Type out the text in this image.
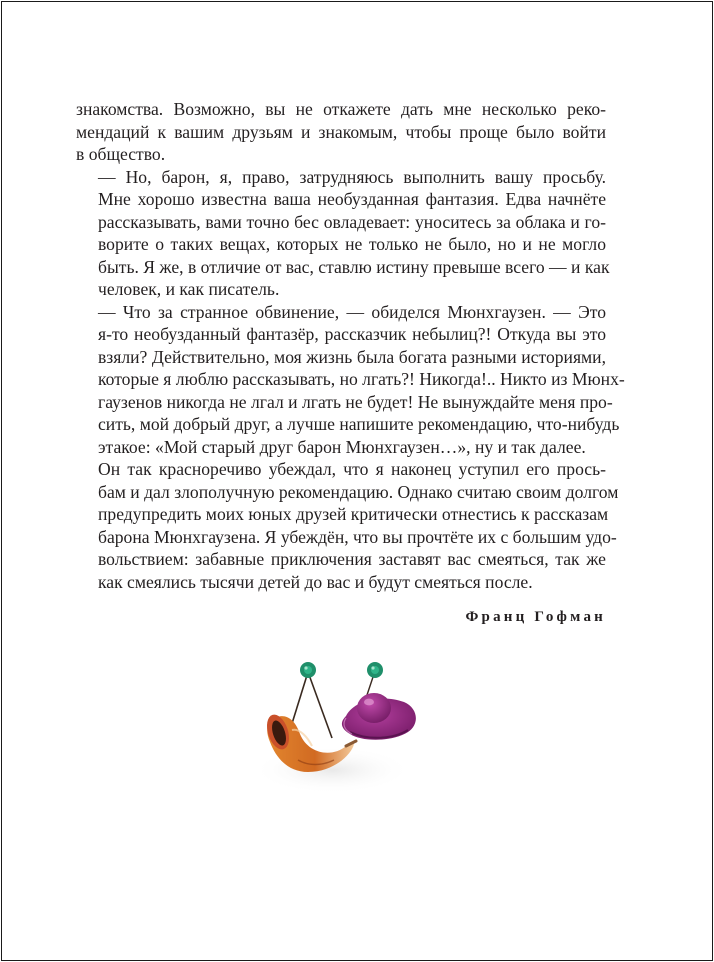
знакомства. Возможно, вы не откажете дать мне несколько реко-
мендаций к вашим друзьям и знакомым, чтобы проще было войти
в общество.
— Но, барон, я, право, затрудняюсь выполнить вашу просьбу.
Мне хорошо известна ваша необузданная фантазия. Едва начнёте
рассказывать, вами точно бес овладевает: уноситесь за облака и го-
ворите о таких вещах, которых не только не было, но и не могло
быть. Я же, в отличие от вас, ставлю истину превыше всего — и как
человек, и как писатель.
— Что за странное обвинение, — обиделся Мюнхгаузен. — Это
я-то необузданный фантазёр, рассказчик небылиц?! Откуда вы это
взяли? Действительно, моя жизнь была богата разными историями,
которые я люблю рассказывать, но лгать?! Никогда!.. Никто из Мюнх-
гаузенов никогда не лгал и лгать не будет! Не вынуждайте меня про-
сить, мой добрый друг, а лучше напишите рекомендацию, что-нибудь
этакое: «Мой старый друг барон Мюнхгаузен…», ну и так далее.
Он так красноречиво убеждал, что я наконец уступил его прось-
бам и дал злополучную рекомендацию. Однако считаю своим долгом
предупредить моих юных друзей критически отнестись к рассказам
барона Мюнхгаузена. Я убеждён, что вы прочтёте их с большим удо-
вольствием: забавные приключения заставят вас смеяться, так же
как смеялись тысячи детей до вас и будут смеяться после.
Франц Гофман
